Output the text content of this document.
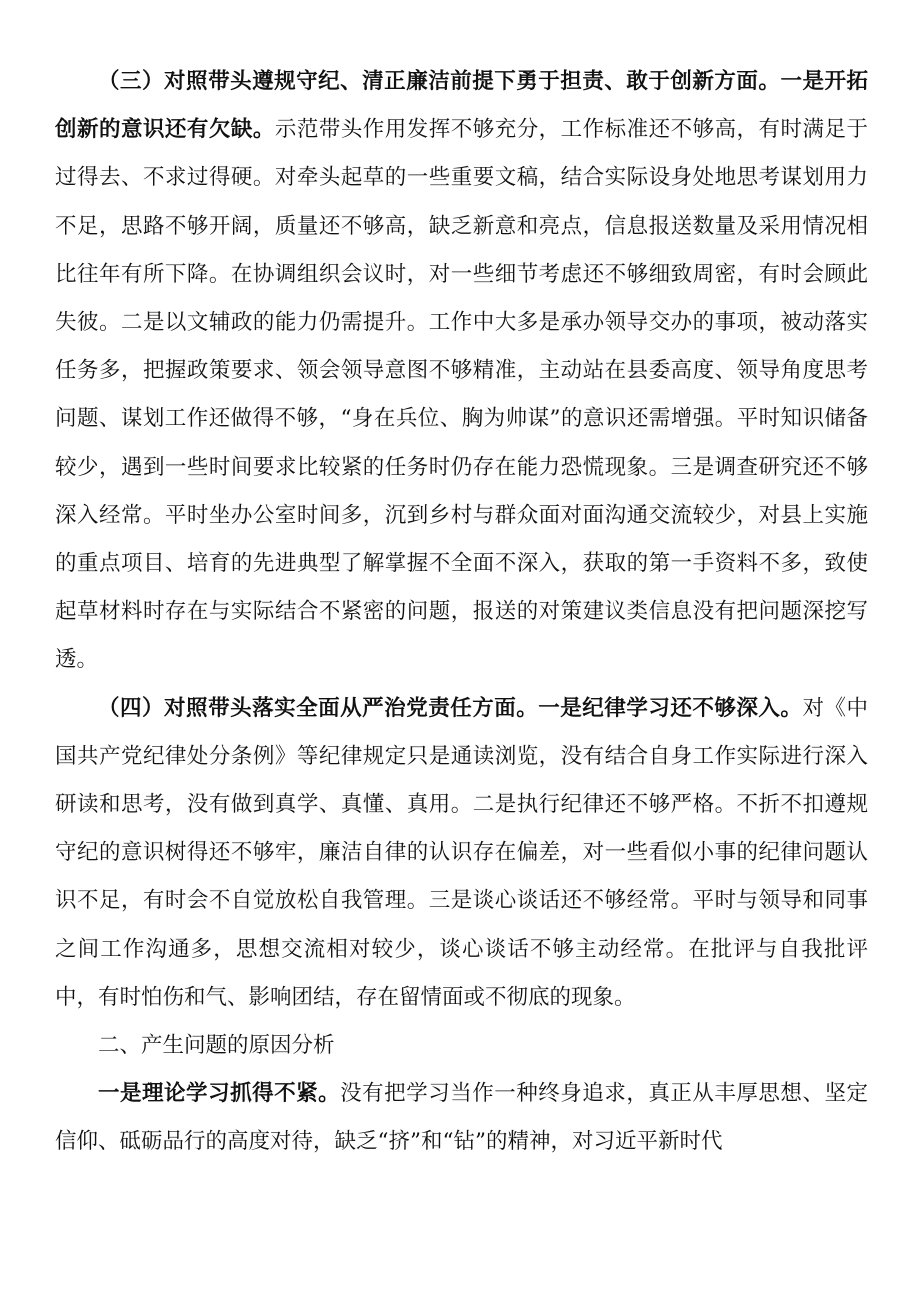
（三）对照带头遵规守纪、清正廉洁前提下勇于担责、敢于创新方面。一是开拓创新的意识还有欠缺。示范带头作用发挥不够充分，工作标准还不够高，有时满足于过得去、不求过得硬。对牵头起草的一些重要文稿，结合实际设身处地思考谋划用力不足，思路不够开阔，质量还不够高，缺乏新意和亮点，信息报送数量及采用情况相比往年有所下降。在协调组织会议时，对一些细节考虑还不够细致周密，有时会顾此失彼。二是以文辅政的能力仍需提升。工作中大多是承办领导交办的事项，被动落实任务多，把握政策要求、领会领导意图不够精准，主动站在县委高度、领导角度思考问题、谋划工作还做得不够，“身在兵位、胸为帅谋”的意识还需增强。平时知识储备较少，遇到一些时间要求比较紧的任务时仍存在能力恐慌现象。三是调查研究还不够深入经常。平时坐办公室时间多，沉到乡村与群众面对面沟通交流较少，对县上实施的重点项目、培育的先进典型了解掌握不全面不深入，获取的第一手资料不多，致使起草材料时存在与实际结合不紧密的问题，报送的对策建议类信息没有把问题深挖写透。

（四）对照带头落实全面从严治党责任方面。一是纪律学习还不够深入。对《中国共产党纪律处分条例》等纪律规定只是通读浏览，没有结合自身工作实际进行深入研读和思考，没有做到真学、真懂、真用。二是执行纪律还不够严格。不折不扣遵规守纪的意识树得还不够牢，廉洁自律的认识存在偏差，对一些看似小事的纪律问题认识不足，有时会不自觉放松自我管理。三是谈心谈话还不够经常。平时与领导和同事之间工作沟通多，思想交流相对较少，谈心谈话不够主动经常。在批评与自我批评中，有时怕伤和气、影响团结，存在留情面或不彻底的现象。

二、产生问题的原因分析

一是理论学习抓得不紧。没有把学习当作一种终身追求，真正从丰厚思想、坚定信仰、砥砺品行的高度对待，缺乏“挤”和“钻”的精神，对习近平新时代
